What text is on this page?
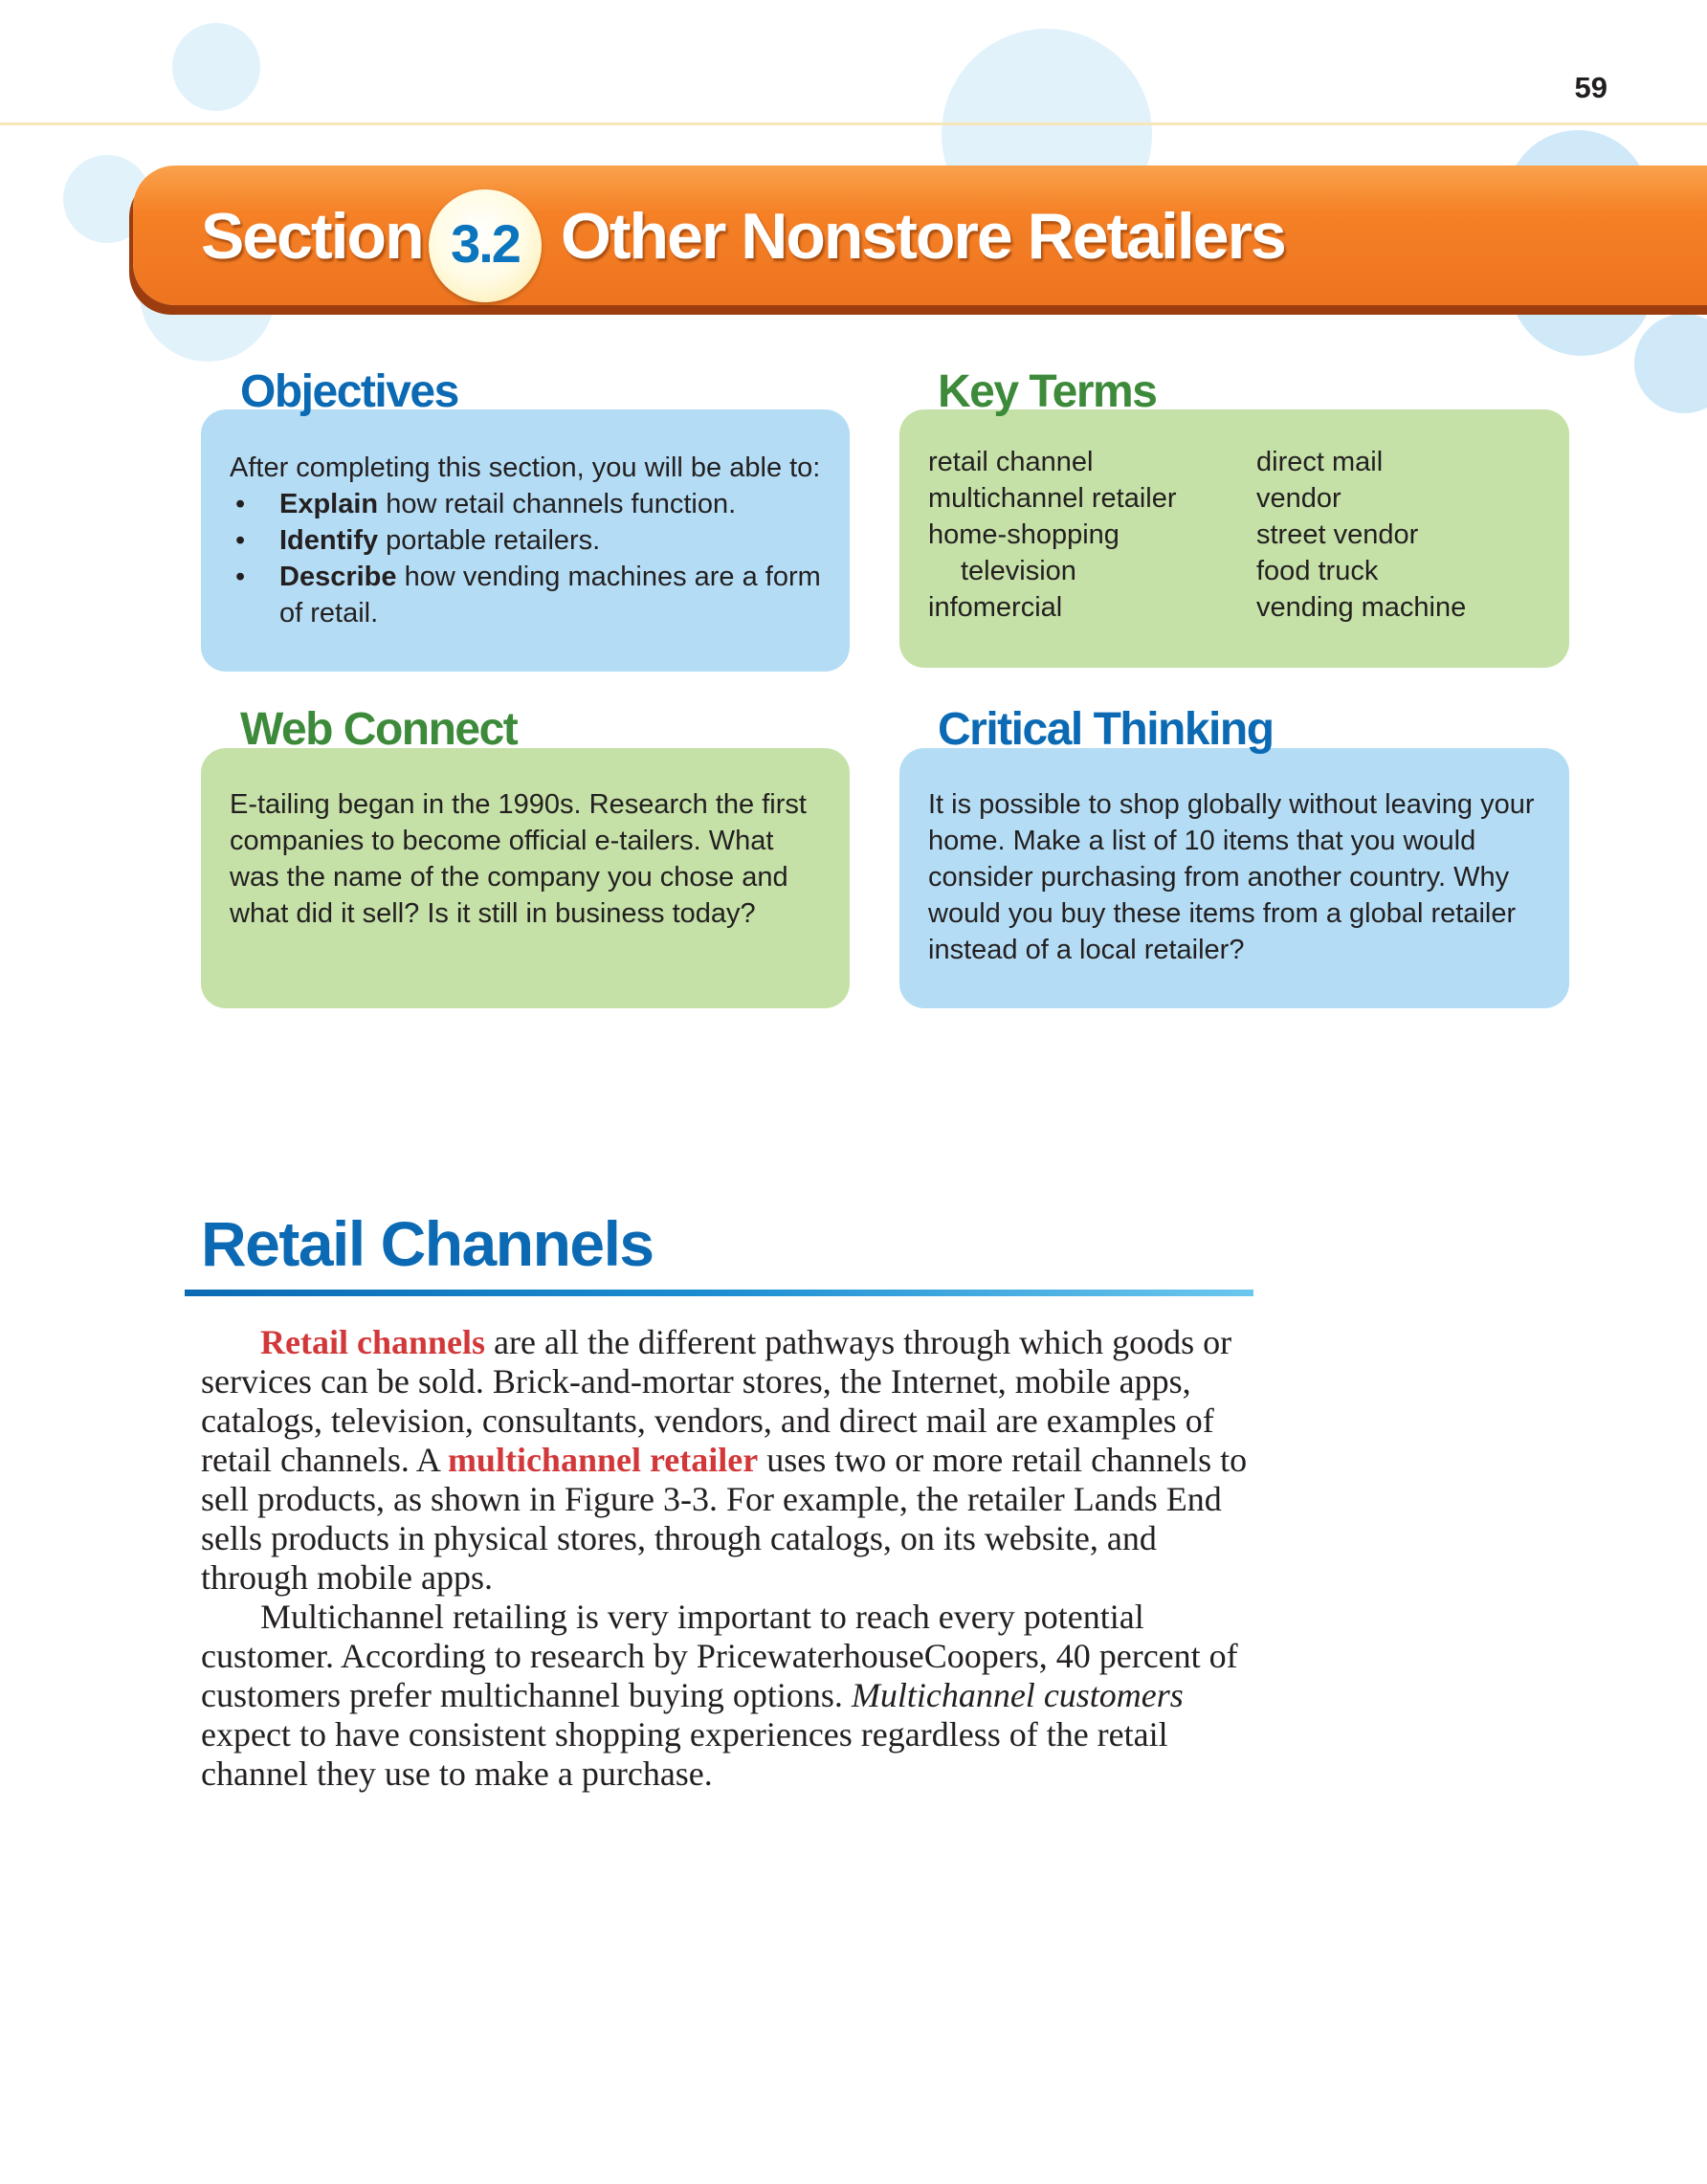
59
Section 3.2 Other Nonstore Retailers
After completing this section, you will be able to:
• Explain how retail channels function.
• Identify portable retailers.
• Describe how vending machines are a form of retail.
Objectives
retail channel
multichannel retailer
home-shopping
television
infomercial
direct mail
vendor
street vendor
food truck
vending machine
Key Terms
E-tailing began in the 1990s. Research the first companies to become official e-tailers. What was the name of the company you chose and what did it sell? Is it still in business today?
Web Connect
It is possible to shop globally without leaving your home. Make a list of 10 items that you would consider purchasing from another country. Why would you buy these items from a global retailer instead of a local retailer?
Critical Thinking
Retail Channels

Retail channels are all the different pathways through which goods or services can be sold. Brick-and-mortar stores, the Internet, mobile apps, catalogs, television, consultants, vendors, and direct mail are examples of retail channels. A multichannel retailer uses two or more retail channels to sell products, as shown in Figure 3-3. For example, the retailer Lands End sells products in physical stores, through catalogs, on its website, and through mobile apps.

Multichannel retailing is very important to reach every potential customer. According to research by PricewaterhouseCoopers, 40 percent of customers prefer multichannel buying options. Multichannel customers expect to have consistent shopping experiences regardless of the retail channel they use to make a purchase.
